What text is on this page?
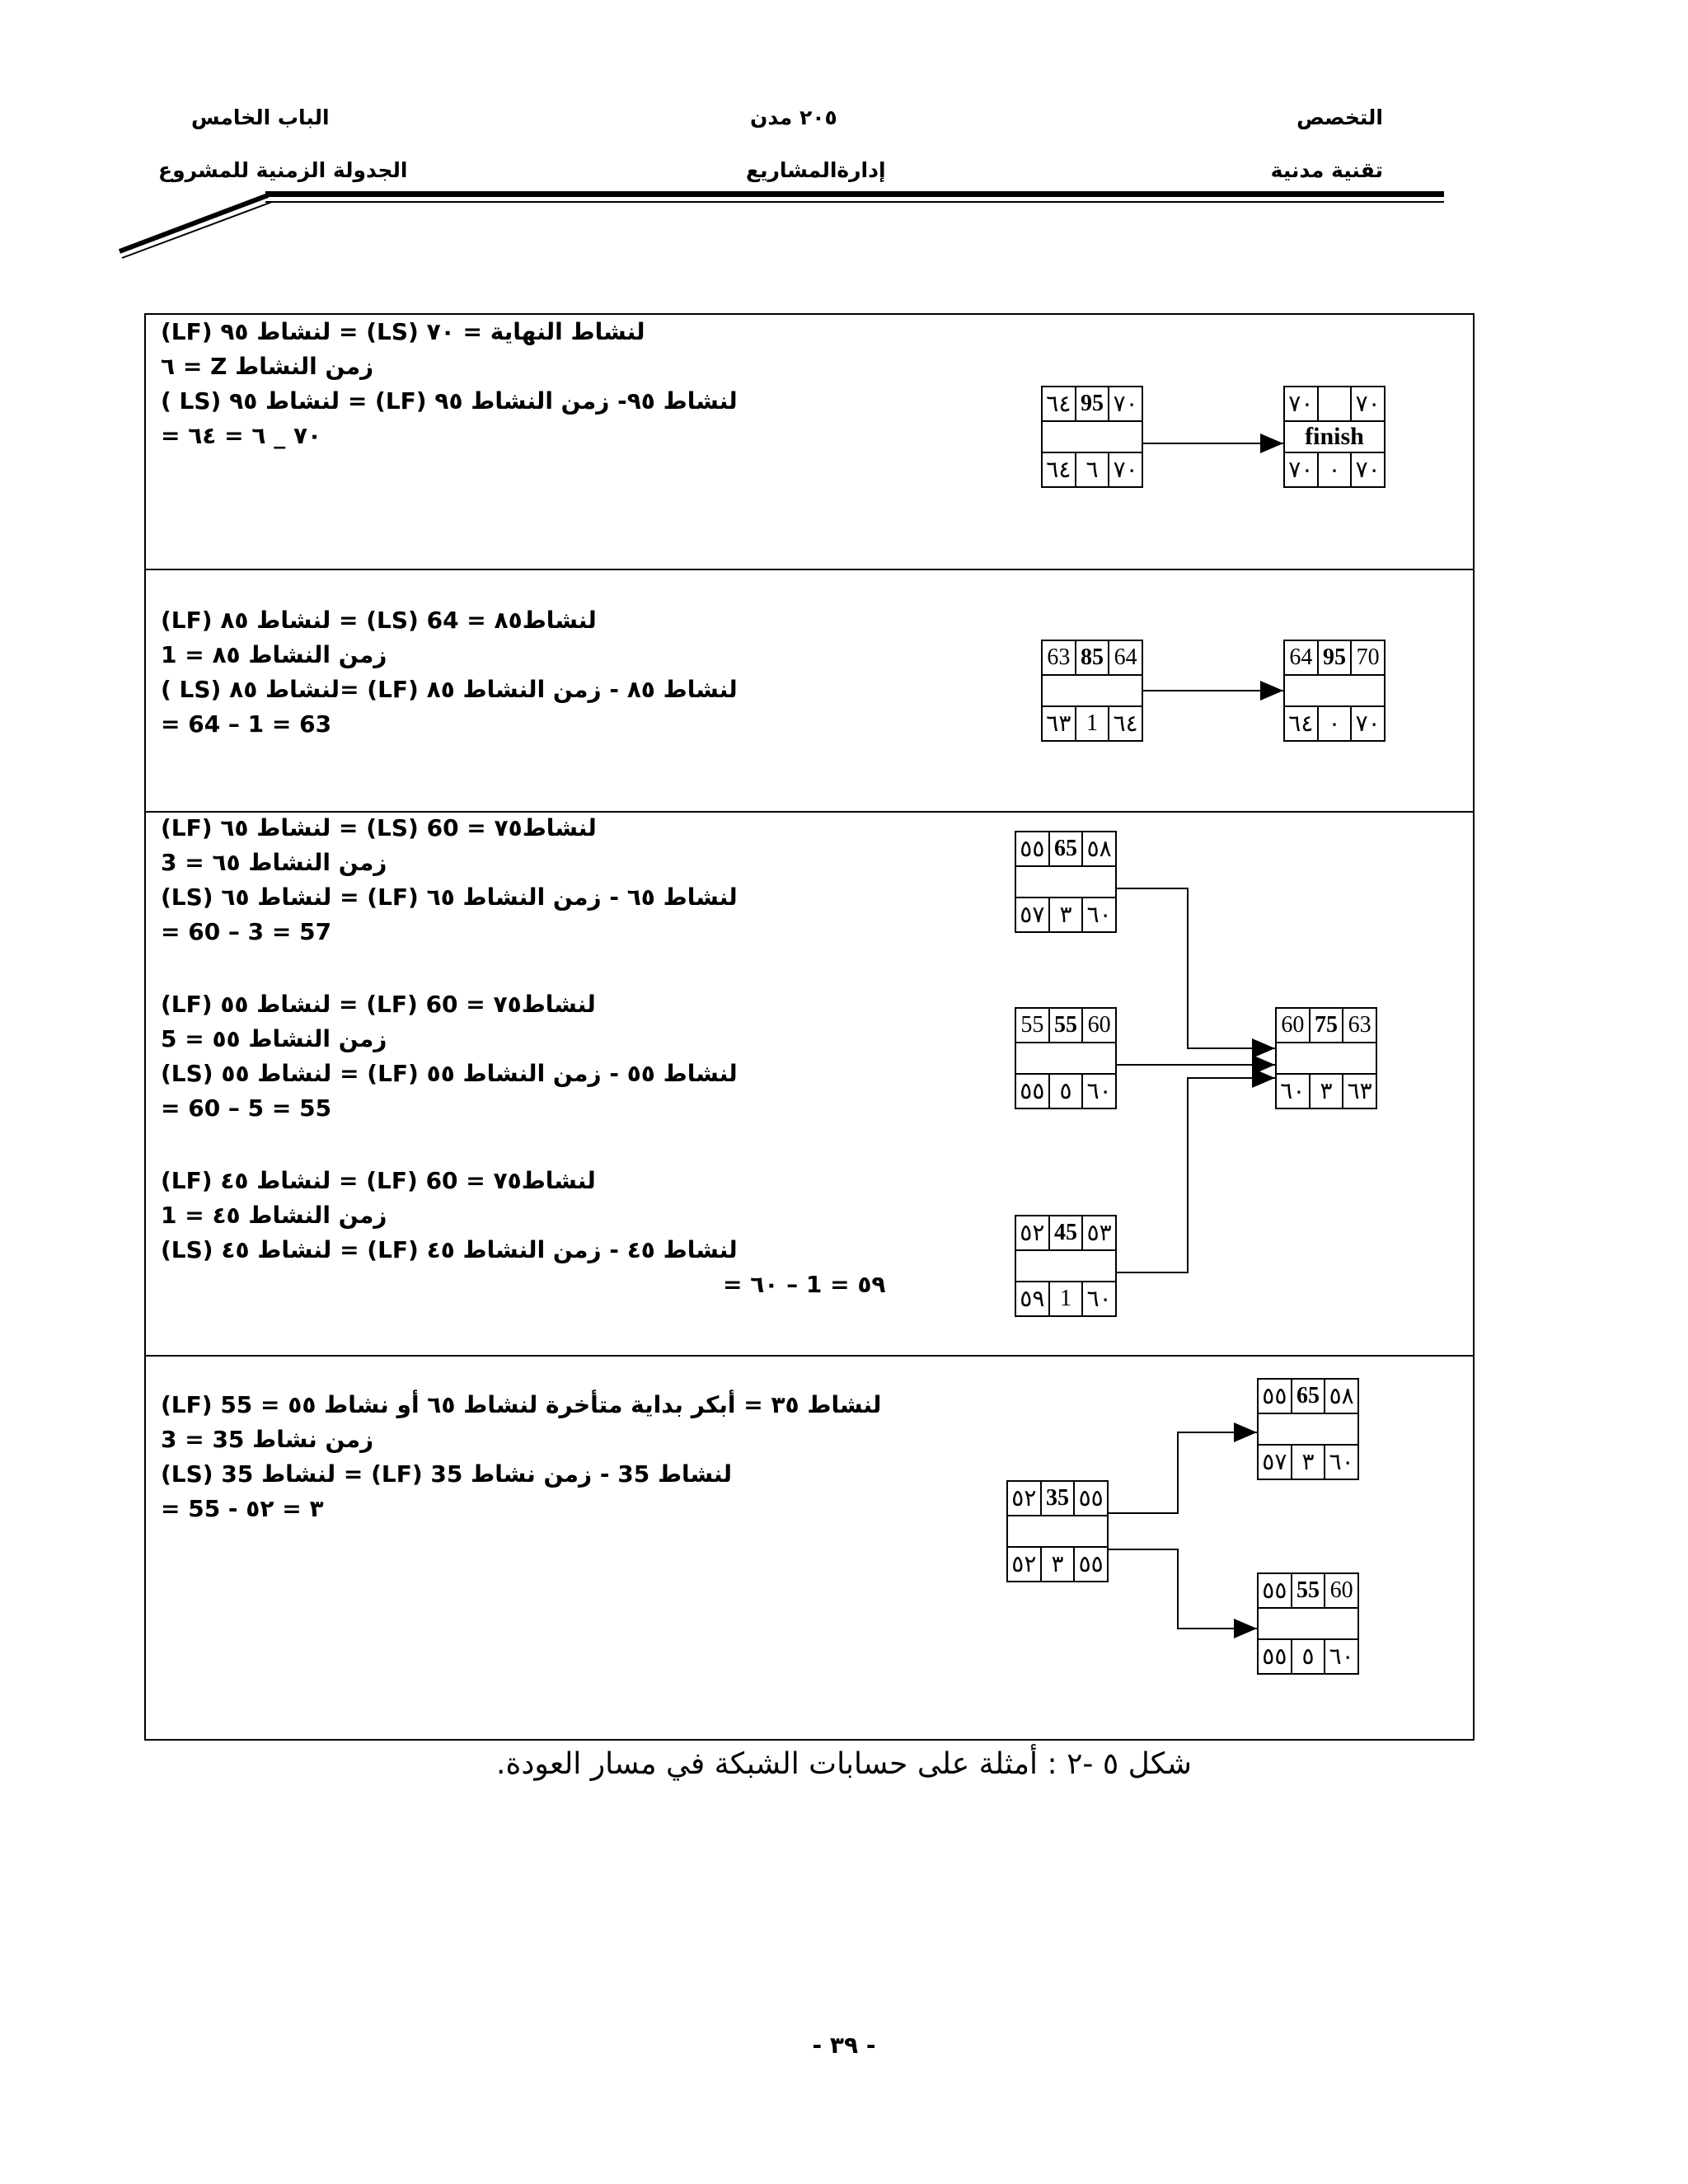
التخصص
تقنية مدنية
٢٠٥ مدن
إدارةالمشاريع
الباب الخامس
الجدولة الزمنية للمشروع
(LF) لنشاط ٩٥ = (LS) لنشاط النهاية = ٧٠
زمن النشاط Z = ٦
( LS) لنشاط ٩٥ = (LF) لنشاط ٩٥- زمن النشاط ٩٥
= ٧٠ _ ٦ = ٦٤
٦٤ 95 ٧٠
٦٤ ٦ ٧٠
٧٠ ٧٠
finish
٧٠ ٠ ٧٠
(LF) لنشاط ٨٥ = (LS) لنشاط٨٥ = 64
زمن النشاط ٨٥ = 1
( LS) لنشاط ٨٥= (LF) لنشاط ٨٥ - زمن النشاط ٨٥
= 64 – 1 = 63
63 85 64
٦٣ 1 ٦٤
64 95 70
٦٤ ٠ ٧٠
(LF) لنشاط ٦٥ = (LS) لنشاط٧٥ = 60
زمن النشاط ٦٥ = 3
(LS) لنشاط ٦٥ = (LF) لنشاط ٦٥ - زمن النشاط ٦٥
= 60 – 3 = 57
(LF) لنشاط ٥٥ = (LF) لنشاط٧٥ = 60
زمن النشاط ٥٥ = 5
(LS) لنشاط ٥٥ = (LF) لنشاط ٥٥ - زمن النشاط ٥٥
= 60 – 5 = 55
(LF) لنشاط ٤٥ = (LF) لنشاط٧٥ = 60
زمن النشاط ٤٥ = 1
(LS) لنشاط ٤٥ = (LF) لنشاط ٤٥ - زمن النشاط ٤٥
= ٦٠ – 1 = ٥٩
٥٥ 65 ٥٨
٥٧ ٣ ٦٠
55 55 60
٥٥ ٥ ٦٠
٥٢ 45 ٥٣
٥٩ 1 ٦٠
60 75 63
٦٠ ٣ ٦٣
(LF) لنشاط ٣٥ = أبكر بداية متأخرة لنشاط ٦٥ أو نشاط ٥٥ = 55
زمن نشاط 35 = 3
(LS) لنشاط 35 = (LF) لنشاط 35 - زمن نشاط 35
= 55 - ٣ = ٥٢	٥٢ 35 ٥٥
٥٢ ٣ ٥٥
٥٥ 65 ٥٨
٥٧ ٣ ٦٠
٥٥ 55 60
٥٥ ٥ ٦٠
شكل ٥ -٢ : أمثلة على حسابات الشبكة في مسار العودة.
- ٣٩ -
